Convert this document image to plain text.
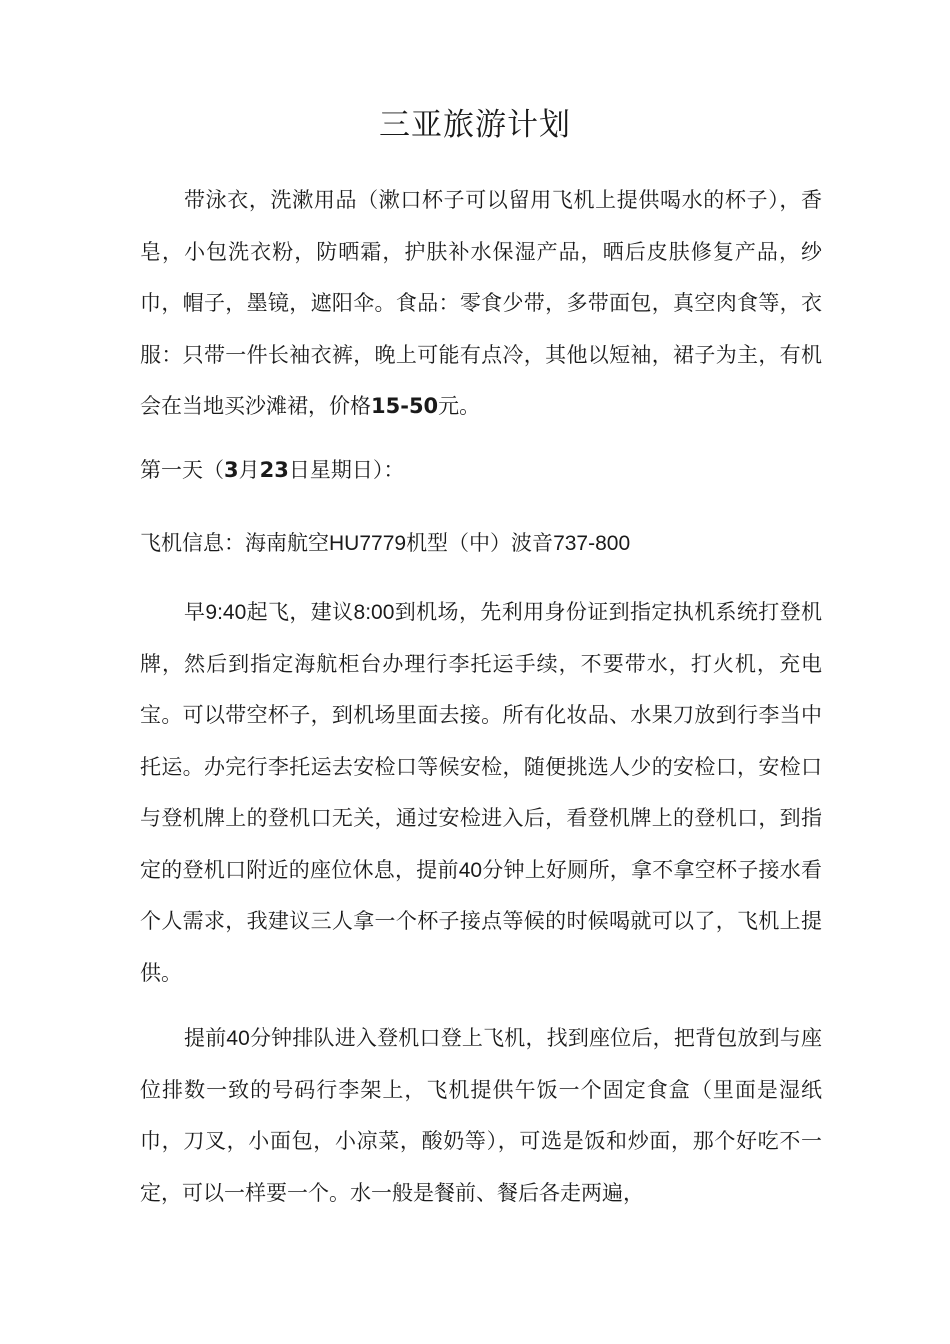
三亚旅游计划

带泳衣，洗漱用品（漱口杯子可以留用飞机上提供喝水的杯子），香皂，小包洗衣粉，防晒霜，护肤补水保湿产品，晒后皮肤修复产品，纱巾，帽子，墨镜，遮阳伞。食品：零食少带，多带面包，真空肉食等，衣服：只带一件长袖衣裤，晚上可能有点冷，其他以短袖，裙子为主，有机会在当地买沙滩裙，价格15-50元。

第一天（3月23日星期日）：

飞机信息：海南航空HU7779机型（中）波音737-800

早9:40起飞，建议8:00到机场，先利用身份证到指定执机系统打登机牌，然后到指定海航柜台办理行李托运手续，不要带水，打火机，充电宝。可以带空杯子，到机场里面去接。所有化妆品、水果刀放到行李当中托运。办完行李托运去安检口等候安检，随便挑选人少的安检口，安检口与登机牌上的登机口无关，通过安检进入后，看登机牌上的登机口，到指定的登机口附近的座位休息，提前40分钟上好厕所，拿不拿空杯子接水看个人需求，我建议三人拿一个杯子接点等候的时候喝就可以了，飞机上提供。

提前40分钟排队进入登机口登上飞机，找到座位后，把背包放到与座位排数一致的号码行李架上，飞机提供午饭一个固定食盒（里面是湿纸巾，刀叉，小面包，小凉菜，酸奶等），可选是饭和炒面，那个好吃不一定，可以一样要一个。水一般是餐前、餐后各走两遍，
